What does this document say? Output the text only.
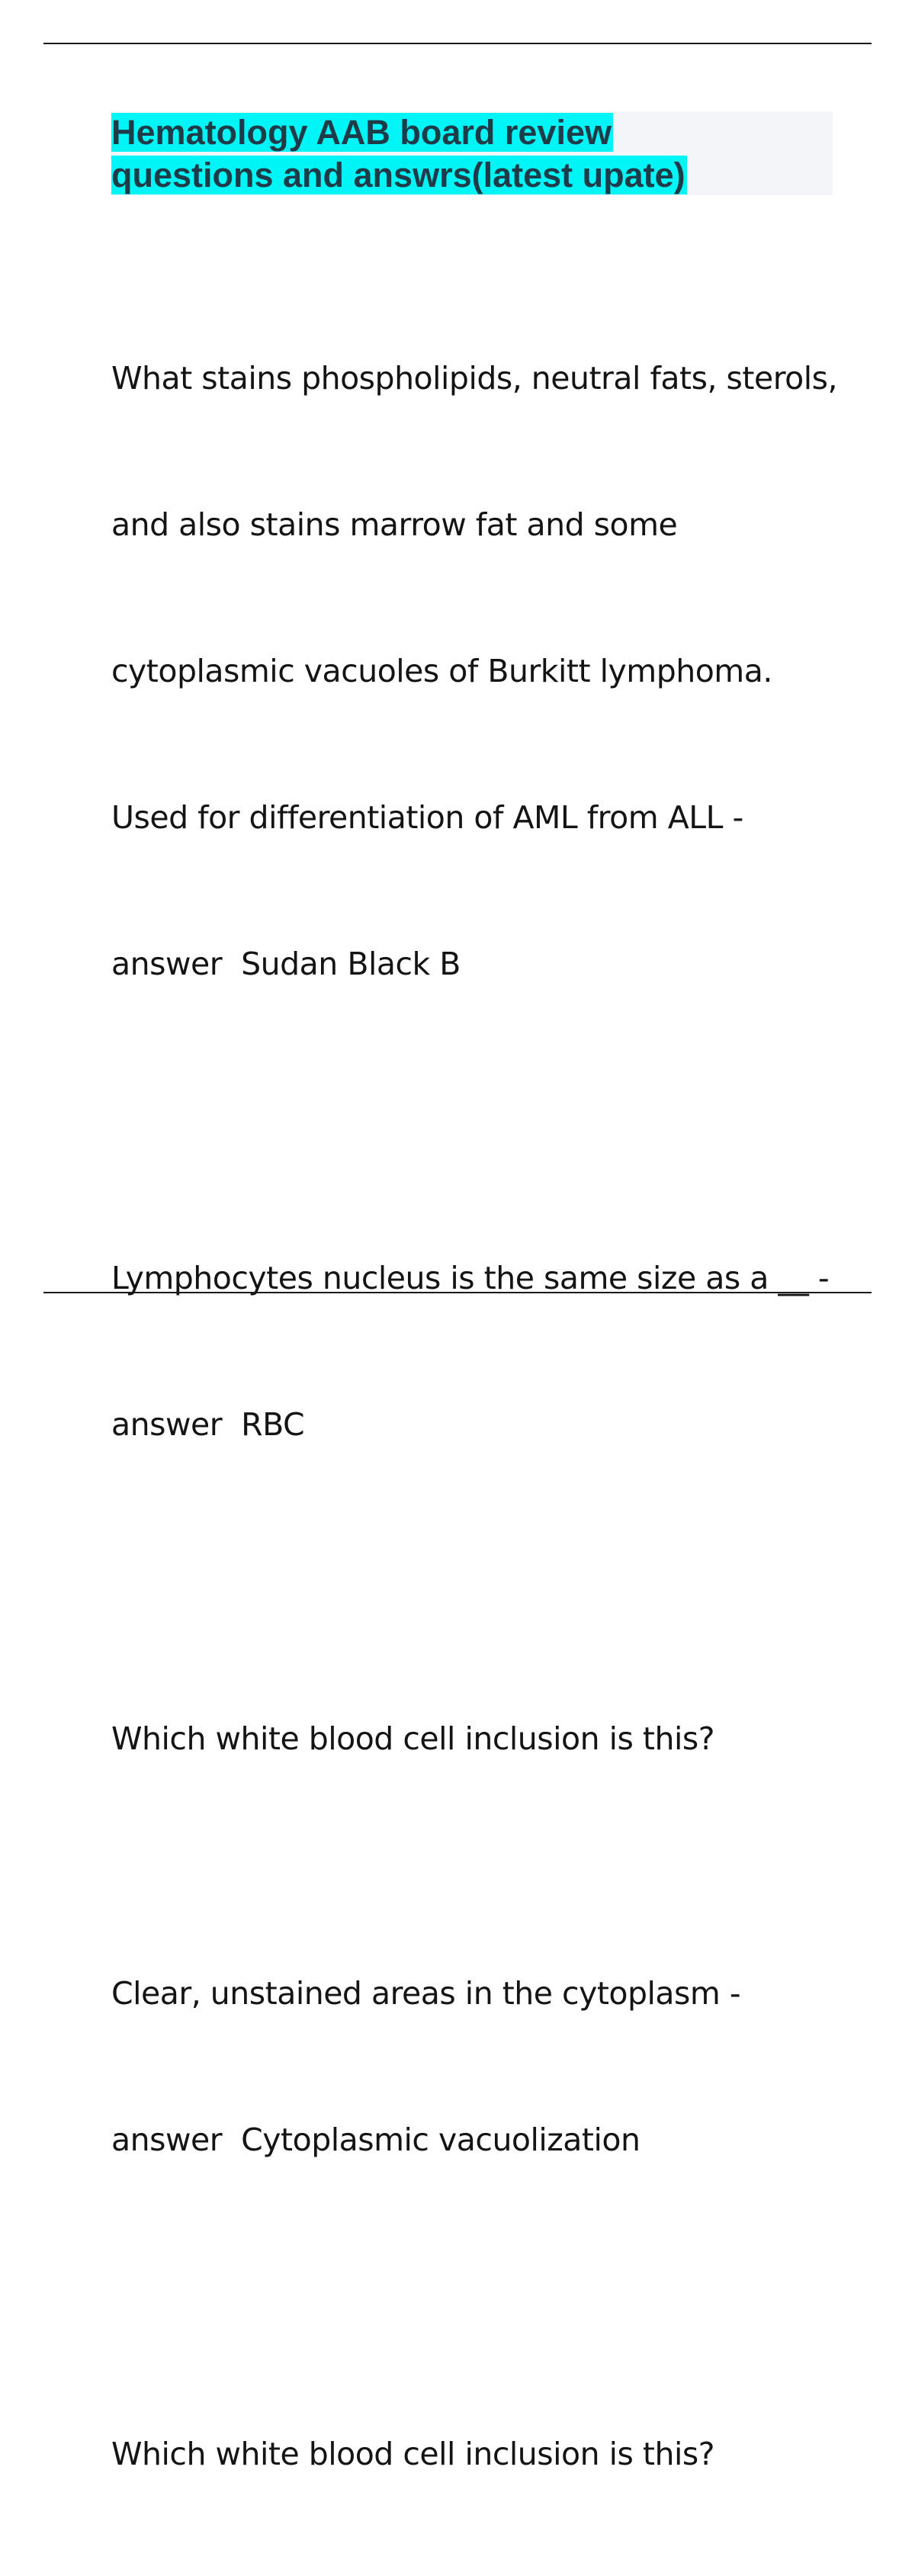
Hematology AAB board review
questions and answrs(latest upate)

What stains phospholipids, neutral fats, sterols,

and also stains marrow fat and some

cytoplasmic vacuoles of Burkitt lymphoma.

Used for differentiation of AML from ALL -

answer  Sudan Black B

Lymphocytes nucleus is the same size as a __ -

answer  RBC

Which white blood cell inclusion is this?

Clear, unstained areas in the cytoplasm -

answer  Cytoplasmic vacuolization

Which white blood cell inclusion is this?
